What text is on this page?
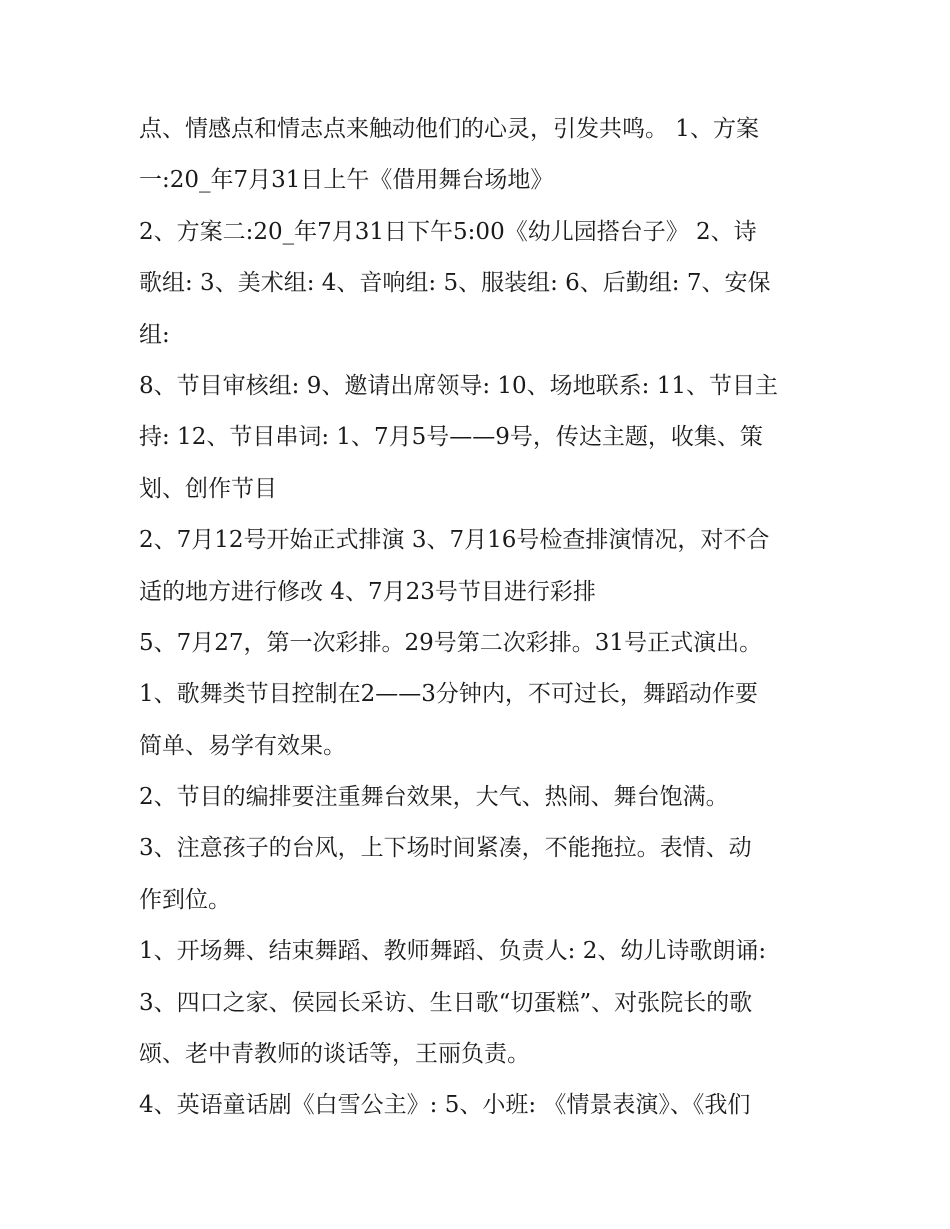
点、情感点和情志点来触动他们的心灵，引发共鸣。 1、方案
一:20_年7月31日上午《借用舞台场地》
2、方案二:20_年7月31日下午5:00《幼儿园搭台子》 2、诗
歌组: 3、美术组: 4、音响组: 5、服装组: 6、后勤组: 7、安保
组:
8、节目审核组: 9、邀请出席领导: 10、场地联系: 11、节目主
持: 12、节目串词: 1、7月5号——9号，传达主题，收集、策
划、创作节目
2、7月12号开始正式排演 3、7月16号检查排演情况，对不合
适的地方进行修改 4、7月23号节目进行彩排
5、7月27，第一次彩排。29号第二次彩排。31号正式演出。
1、歌舞类节目控制在2——3分钟内，不可过长，舞蹈动作要
简单、易学有效果。
2、节目的编排要注重舞台效果，大气、热闹、舞台饱满。
3、注意孩子的台风，上下场时间紧凑，不能拖拉。表情、动
作到位。
1、开场舞、结束舞蹈、教师舞蹈、负责人: 2、幼儿诗歌朗诵:
3、四口之家、侯园长采访、生日歌“切蛋糕”、对张院长的歌
颂、老中青教师的谈话等，王丽负责。
4、英语童话剧《白雪公主》: 5、小班: 《情景表演》、《我们
